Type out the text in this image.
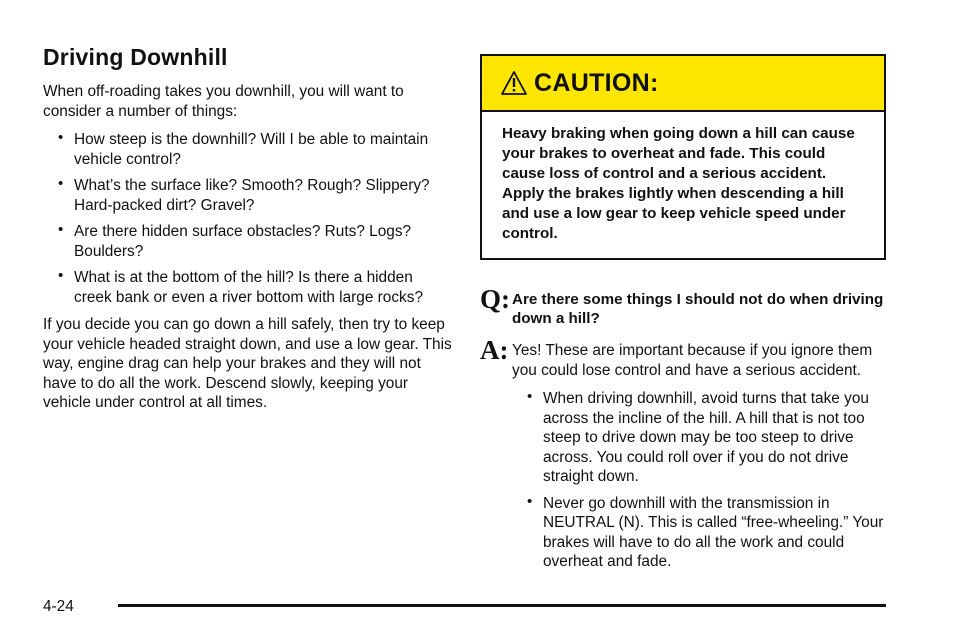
Driving Downhill

When off-roading takes you downhill, you will want to consider a number of things:

• How steep is the downhill? Will I be able to maintain vehicle control?
• What’s the surface like? Smooth? Rough? Slippery? Hard-packed dirt? Gravel?
• Are there hidden surface obstacles? Ruts? Logs? Boulders?
• What is at the bottom of the hill? Is there a hidden creek bank or even a river bottom with large rocks?

If you decide you can go down a hill safely, then try to keep your vehicle headed straight down, and use a low gear. This way, engine drag can help your brakes and they will not have to do all the work. Descend slowly, keeping your vehicle under control at all times.

CAUTION:
Heavy braking when going down a hill can cause your brakes to overheat and fade. This could cause loss of control and a serious accident. Apply the brakes lightly when descending a hill and use a low gear to keep vehicle speed under control.
Q: Are there some things I should not do when driving down a hill?
A: Yes! These are important because if you ignore them you could lose control and have a serious accident.
• When driving downhill, avoid turns that take you across the incline of the hill. A hill that is not too steep to drive down may be too steep to drive across. You could roll over if you do not drive straight down.
• Never go downhill with the transmission in NEUTRAL (N). This is called “free-wheeling.” Your brakes will have to do all the work and could overheat and fade.
4-24
